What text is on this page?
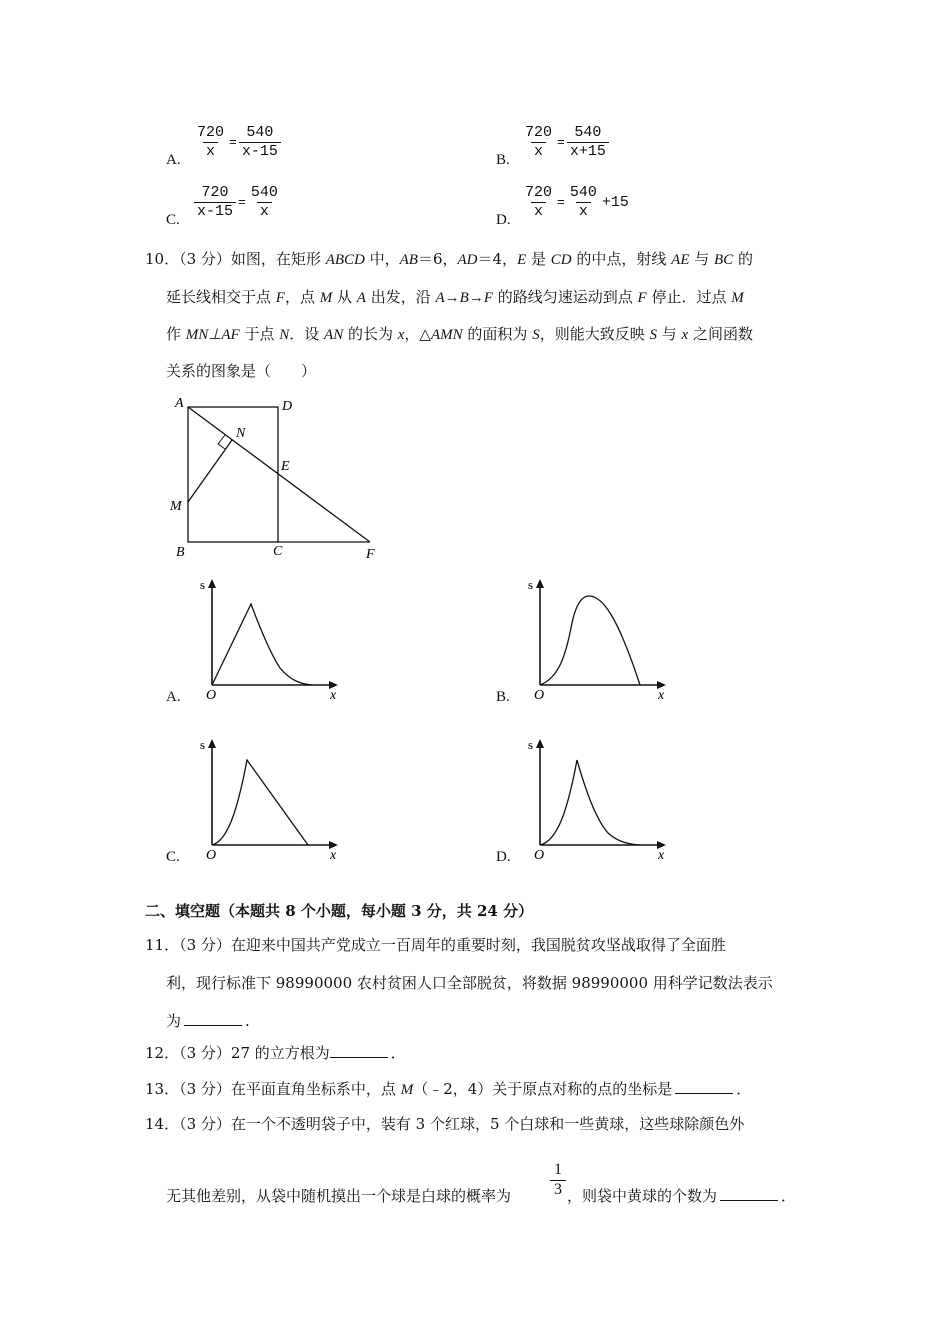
A. $\frac{720}{x} = \frac{540}{x-15}$	B. $\frac{720}{x} = \frac{540}{x+15}$
C. $\frac{720}{x-15} = \frac{540}{x}$	D. $\frac{720}{x} = \frac{540}{x} +15$
10．（3 分）如图，在矩形 ABCD 中，AB＝6，AD＝4，E 是 CD 的中点，射线 AE 与 BC 的
延长线相交于点 F，点 M 从 A 出发，沿 A→B→F 的路线匀速运动到点 F 停止．过点 M
作 MN⊥AF 于点 N．设 AN 的长为 x，△AMN 的面积为 S，则能大致反映 S 与 x 之间函数
关系的图象是（　　）
A	D
N
E
M
B	C	F
A.
s
O	x	B.
s
O	x
C.
s
O	x	D.
s
O	x
二、填空题（本题共 8 个小题，每小题 3 分，共 24 分）
11．（3 分）在迎来中国共产党成立一百周年的重要时刻，我国脱贫攻坚战取得了全面胜
利，现行标准下 98990000 农村贫困人口全部脱贫，将数据 98990000 用科学记数法表示
为	.
12．（3 分）27 的立方根为	．
13．（3 分）在平面直角坐标系中，点 M（﹣2，4）关于原点对称的点的坐标是	．
14．（3 分）在一个不透明袋子中，装有 3 个红球，5 个白球和一些黄球，这些球除颜色外
无其他差别，从袋中随机摸出一个球是白球的概率为 $\frac{1}{3}$ ，则袋中黄球的个数为	．
